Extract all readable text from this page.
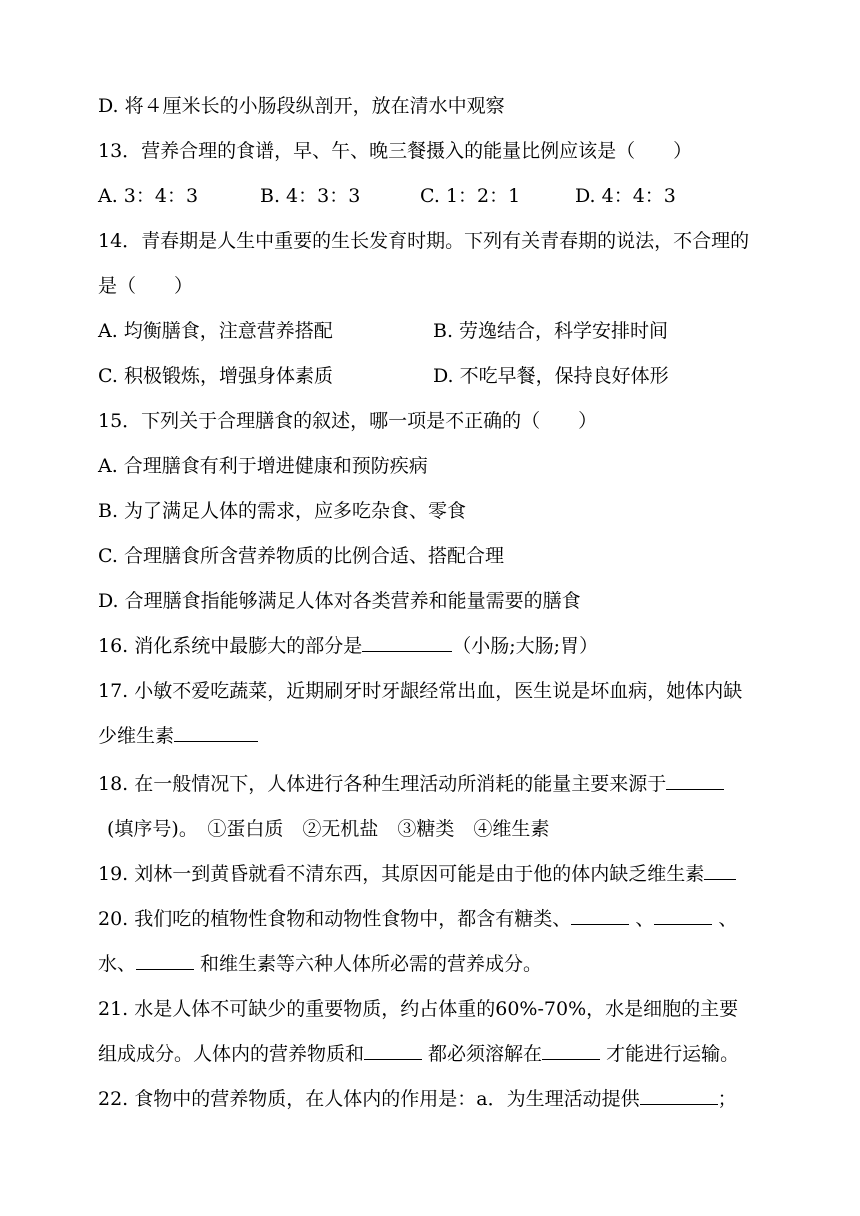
D. 将４厘米长的小肠段纵剖开，放在清水中观察
13．营养合理的食谱，早、午、晚三餐摄入的能量比例应该是（　　）
A. 3：4：3	B. 4：3：3	C. 1：2：1	D. 4：4：3
14．青春期是人生中重要的生长发育时期。下列有关青春期的说法，不合理的
是（　　）
A. 均衡膳食，注意营养搭配	B. 劳逸结合，科学安排时间
C. 积极锻炼，增强身体素质	D. 不吃早餐，保持良好体形
15．下列关于合理膳食的叙述，哪一项是不正确的（　　）
A. 合理膳食有利于增进健康和预防疾病
B. 为了满足人体的需求，应多吃杂食、零食
C. 合理膳食所含营养物质的比例合适、搭配合理
D. 合理膳食指能够满足人体对各类营养和能量需要的膳食
16. 消化系统中最膨大的部分是	（小肠;大肠;胃）
17. 小敏不爱吃蔬菜，近期刷牙时牙龈经常出血，医生说是坏血病，她体内缺
少维生素
18. 在一般情况下，人体进行各种生理活动所消耗的能量主要来源于
(填序号)。　①蛋白质　②无机盐　③糖类　④维生素
19. 刘林一到黄昏就看不清东西，其原因可能是由于他的体内缺乏维生素
20. 我们吃的植物性食物和动物性食物中，都含有糖类、	、	、
水、	和维生素等六种人体所必需的营养成分。
21. 水是人体不可缺少的重要物质，约占体重的60%-70%，水是细胞的主要
组成成分。人体内的营养物质和	都必须溶解在	才能进行运输。
22. 食物中的营养物质，在人体内的作用是：a．为生理活动提供	；
